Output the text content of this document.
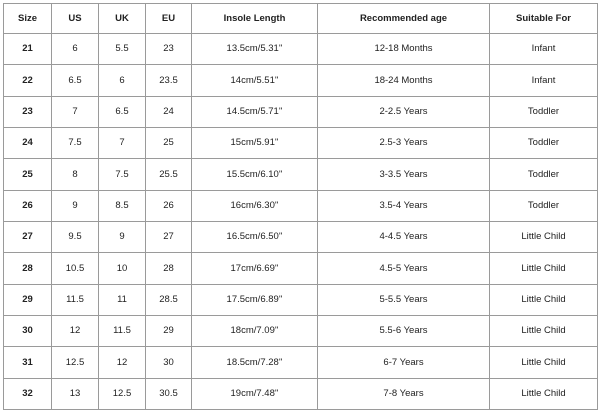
Size	US	UK	EU	Insole Length	Recommended age	Suitable For
21	6	5.5	23	13.5cm/5.31''	12-18 Months	Infant
22	6.5	6	23.5	14cm/5.51''	18-24 Months	Infant
23	7	6.5	24	14.5cm/5.71''	2-2.5 Years	Toddler
24	7.5	7	25	15cm/5.91''	2.5-3 Years	Toddler
25	8	7.5	25.5	15.5cm/6.10''	3-3.5 Years	Toddler
26	9	8.5	26	16cm/6.30''	3.5-4 Years	Toddler
27	9.5	9	27	16.5cm/6.50''	4-4.5 Years	Little Child
28	10.5	10	28	17cm/6.69''	4.5-5 Years	Little Child
29	11.5	11	28.5	17.5cm/6.89''	5-5.5 Years	Little Child
30	12	11.5	29	18cm/7.09''	5.5-6 Years	Little Child
31	12.5	12	30	18.5cm/7.28''	6-7 Years	Little Child
32	13	12.5	30.5	19cm/7.48''	7-8 Years	Little Child
